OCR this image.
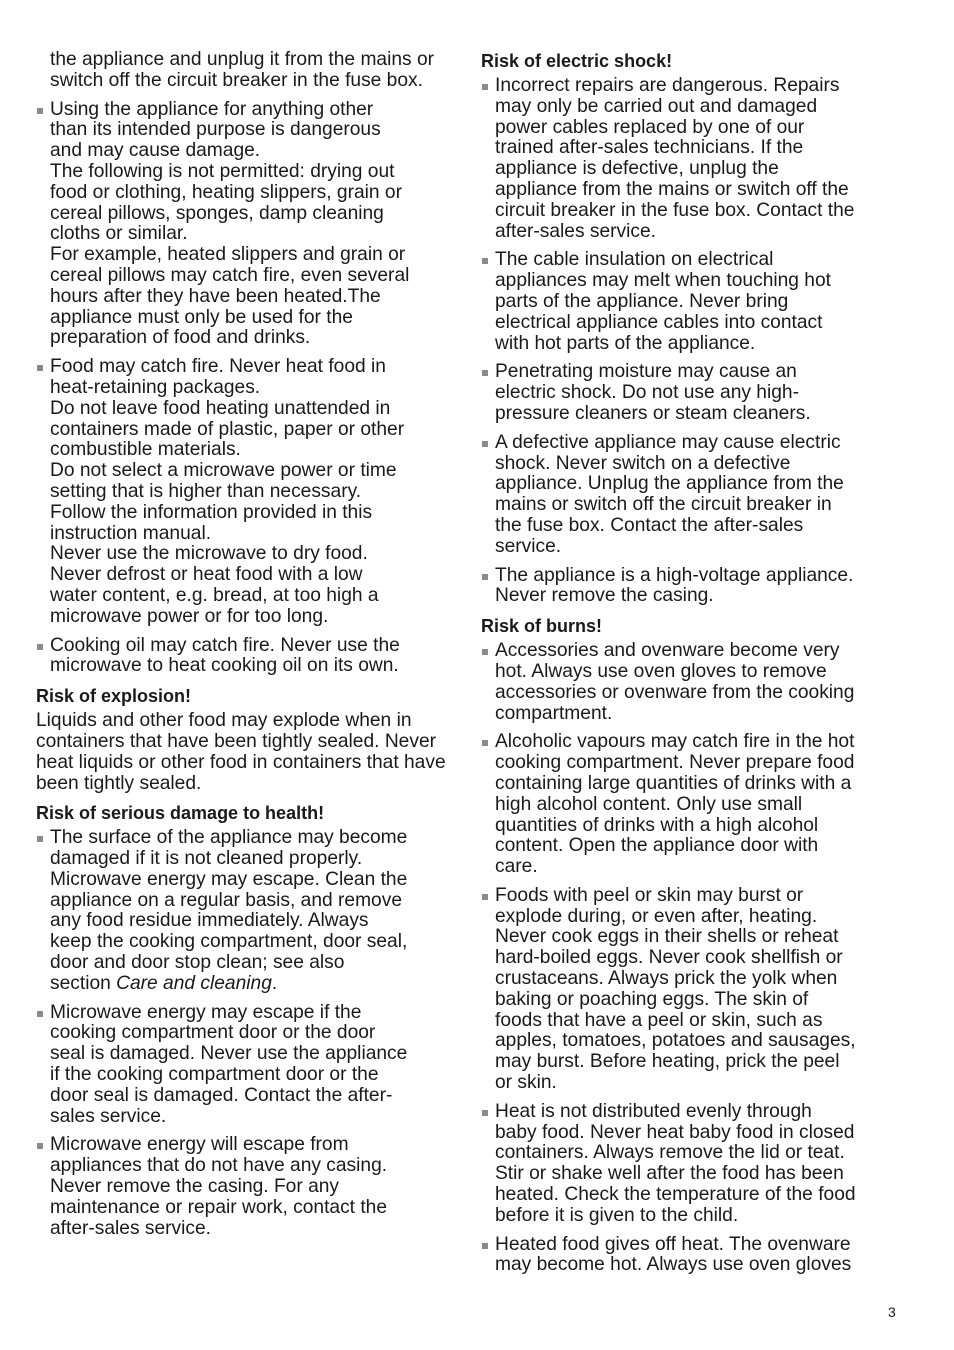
the appliance and unplug it from the mains or switch off the circuit breaker in the fuse box.

Using the appliance for anything other
than its intended purpose is dangerous
and may cause damage.
The following is not permitted: drying out
food or clothing, heating slippers, grain or
cereal pillows, sponges, damp cleaning
cloths or similar.
For example, heated slippers and grain or
cereal pillows may catch fire, even several
hours after they have been heated.The
appliance must only be used for the
preparation of food and drinks.
Food may catch fire. Never heat food in
heat-retaining packages.
Do not leave food heating unattended in
containers made of plastic, paper or other
combustible materials.
Do not select a microwave power or time
setting that is higher than necessary.
Follow the information provided in this
instruction manual.
Never use the microwave to dry food.
Never defrost or heat food with a low
water content, e.g. bread, at too high a
microwave power or for too long.
Cooking oil may catch fire. Never use the
microwave to heat cooking oil on its own.
Risk of explosion!

Liquids and other food may explode when in containers that have been tightly sealed. Never heat liquids or other food in containers that have been tightly sealed.

Risk of serious damage to health!
The surface of the appliance may become
damaged if it is not cleaned properly.
Microwave energy may escape. Clean the
appliance on a regular basis, and remove
any food residue immediately. Always
keep the cooking compartment, door seal,
door and door stop clean; see also
section Care and cleaning.
Microwave energy may escape if the
cooking compartment door or the door
seal is damaged. Never use the appliance
if the cooking compartment door or the
door seal is damaged. Contact the after-
sales service.
Microwave energy will escape from
appliances that do not have any casing.
Never remove the casing. For any
maintenance or repair work, contact the
after-sales service.
Risk of electric shock!
Incorrect repairs are dangerous. Repairs
may only be carried out and damaged
power cables replaced by one of our
trained after-sales technicians. If the
appliance is defective, unplug the
appliance from the mains or switch off the
circuit breaker in the fuse box. Contact the
after-sales service.
The cable insulation on electrical
appliances may melt when touching hot
parts of the appliance. Never bring
electrical appliance cables into contact
with hot parts of the appliance.
Penetrating moisture may cause an
electric shock. Do not use any high-
pressure cleaners or steam cleaners.
A defective appliance may cause electric
shock. Never switch on a defective
appliance. Unplug the appliance from the
mains or switch off the circuit breaker in
the fuse box. Contact the after-sales
service.
The appliance is a high-voltage appliance.
Never remove the casing.
Risk of burns!
Accessories and ovenware become very
hot. Always use oven gloves to remove
accessories or ovenware from the cooking
compartment.
Alcoholic vapours may catch fire in the hot
cooking compartment. Never prepare food
containing large quantities of drinks with a
high alcohol content. Only use small
quantities of drinks with a high alcohol
content. Open the appliance door with
care.
Foods with peel or skin may burst or
explode during, or even after, heating.
Never cook eggs in their shells or reheat
hard-boiled eggs. Never cook shellfish or
crustaceans. Always prick the yolk when
baking or poaching eggs. The skin of
foods that have a peel or skin, such as
apples, tomatoes, potatoes and sausages,
may burst. Before heating, prick the peel
or skin.
Heat is not distributed evenly through
baby food. Never heat baby food in closed
containers. Always remove the lid or teat.
Stir or shake well after the food has been
heated. Check the temperature of the food
before it is given to the child.
Heated food gives off heat. The ovenware
may become hot. Always use oven gloves
3
